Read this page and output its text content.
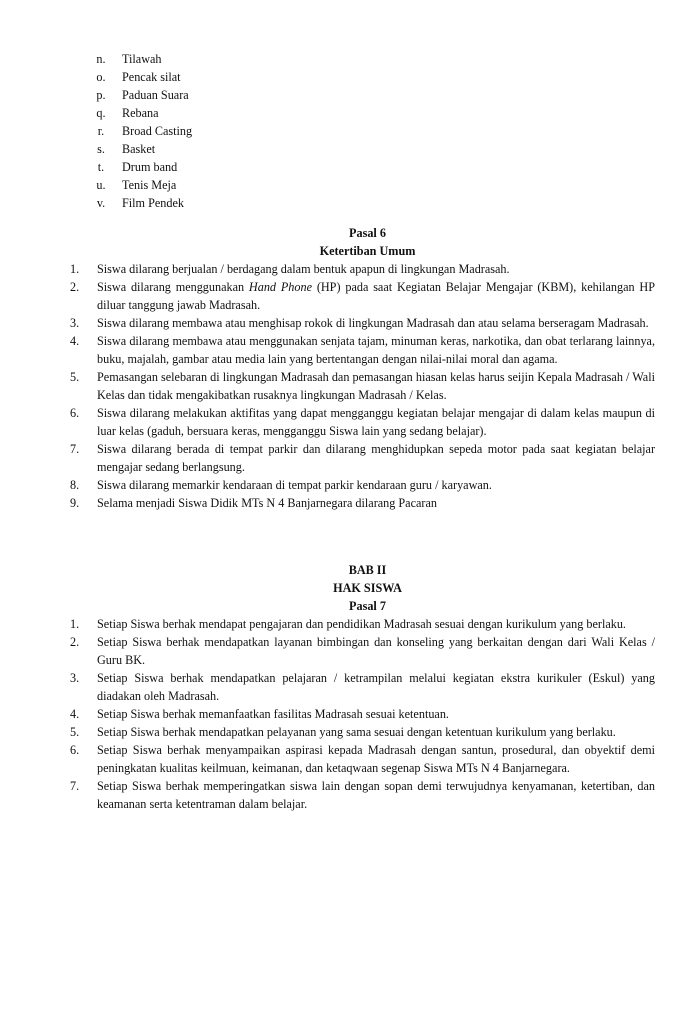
n.	Tilawah
o.	Pencak silat
p.	Paduan Suara
q.	Rebana
r.	Broad Casting
s.	Basket
t.	Drum band
u.	Tenis Meja
v.	Film Pendek
Pasal 6
Ketertiban Umum
1.	Siswa dilarang berjualan / berdagang dalam bentuk apapun di lingkungan Madrasah.
2.	Siswa dilarang menggunakan Hand Phone (HP) pada saat Kegiatan Belajar Mengajar (KBM), kehilangan HP diluar tanggung jawab Madrasah.
3.	Siswa dilarang membawa atau menghisap rokok di lingkungan Madrasah dan atau selama berseragam Madrasah.
4.	Siswa dilarang membawa atau menggunakan senjata tajam, minuman keras, narkotika, dan obat terlarang lainnya, buku, majalah, gambar atau media lain yang bertentangan dengan nilai-nilai moral dan agama.
5.	Pemasangan selebaran di lingkungan Madrasah dan pemasangan hiasan kelas harus seijin Kepala Madrasah / Wali Kelas dan tidak mengakibatkan rusaknya lingkungan Madrasah / Kelas.
6.	Siswa dilarang melakukan aktifitas yang dapat mengganggu kegiatan belajar mengajar di dalam kelas maupun di luar kelas (gaduh, bersuara keras, mengganggu Siswa lain yang sedang belajar).
7.	Siswa dilarang berada di tempat parkir dan dilarang menghidupkan sepeda motor pada saat kegiatan belajar mengajar sedang berlangsung.
8.	Siswa dilarang memarkir kendaraan di tempat parkir kendaraan guru / karyawan.
9.	Selama menjadi Siswa Didik MTs N 4 Banjarnegara dilarang Pacaran
BAB II
HAK SISWA
Pasal 7
1.	Setiap Siswa berhak mendapat pengajaran dan pendidikan Madrasah sesuai dengan kurikulum yang berlaku.
2.	Setiap Siswa berhak mendapatkan layanan bimbingan dan konseling yang berkaitan dengan dari Wali Kelas / Guru BK.
3.	Setiap Siswa berhak mendapatkan pelajaran / ketrampilan melalui kegiatan ekstra kurikuler (Eskul) yang diadakan oleh Madrasah.
4.	Setiap Siswa berhak memanfaatkan fasilitas Madrasah sesuai ketentuan.
5.	Setiap Siswa berhak mendapatkan pelayanan yang sama sesuai dengan ketentuan kurikulum yang berlaku.
6.	Setiap Siswa berhak menyampaikan aspirasi kepada Madrasah dengan santun, prosedural, dan obyektif demi peningkatan kualitas keilmuan, keimanan, dan ketaqwaan segenap Siswa MTs N 4 Banjarnegara.
7.	Setiap Siswa berhak memperingatkan siswa lain dengan sopan demi terwujudnya kenyamanan, ketertiban, dan keamanan serta ketentraman dalam belajar.
